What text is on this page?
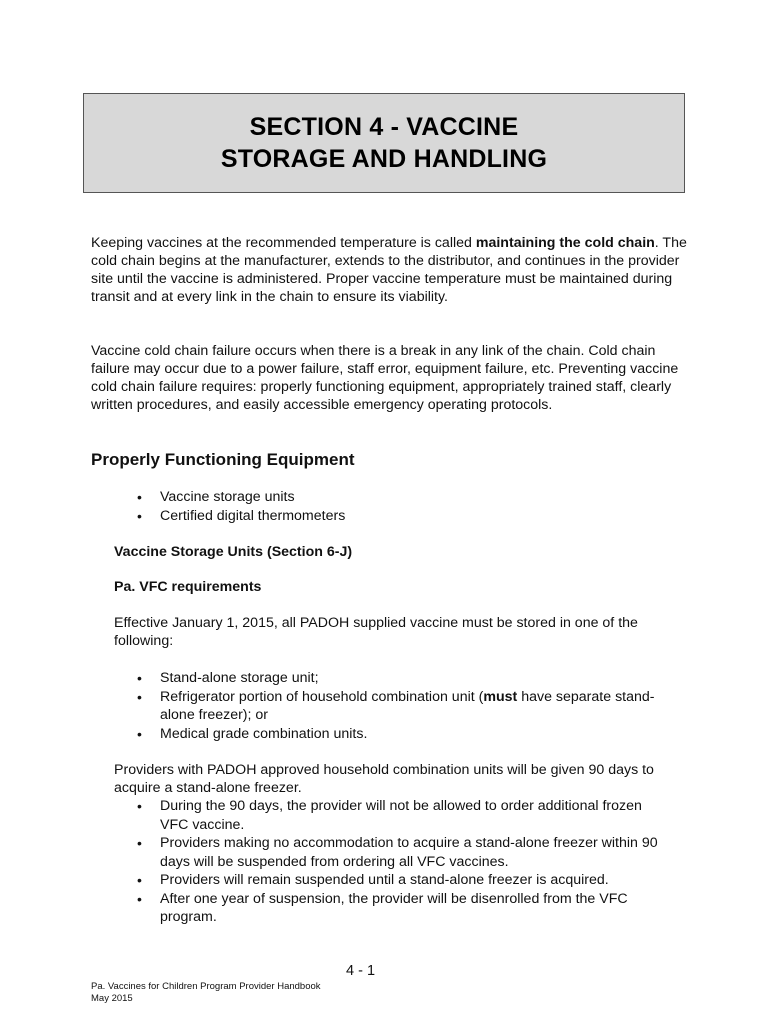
SECTION 4 - VACCINE
STORAGE AND HANDLING

Keeping vaccines at the recommended temperature is called maintaining the cold chain. The cold chain begins at the manufacturer, extends to the distributor, and continues in the provider site until the vaccine is administered. Proper vaccine temperature must be maintained during transit and at every link in the chain to ensure its viability.

Vaccine cold chain failure occurs when there is a break in any link of the chain. Cold chain failure may occur due to a power failure, staff error, equipment failure, etc. Preventing vaccine cold chain failure requires: properly functioning equipment, appropriately trained staff, clearly written procedures, and easily accessible emergency operating protocols.

Properly Functioning Equipment
• Vaccine storage units
• Certified digital thermometers

Vaccine Storage Units (Section 6-J)

Pa. VFC requirements

Effective January 1, 2015, all PADOH supplied vaccine must be stored in one of the following:

• Stand-alone storage unit;
• Refrigerator portion of household combination unit (must have separate stand-alone freezer); or
• Medical grade combination units.

Providers with PADOH approved household combination units will be given 90 days to acquire a stand-alone freezer.

• During the 90 days, the provider will not be allowed to order additional frozen VFC vaccine.
• Providers making no accommodation to acquire a stand-alone freezer within 90 days will be suspended from ordering all VFC vaccines.
• Providers will remain suspended until a stand-alone freezer is acquired.
• After one year of suspension, the provider will be disenrolled from the VFC program.
4 - 1
Pa. Vaccines for Children Program Provider Handbook
May 2015
